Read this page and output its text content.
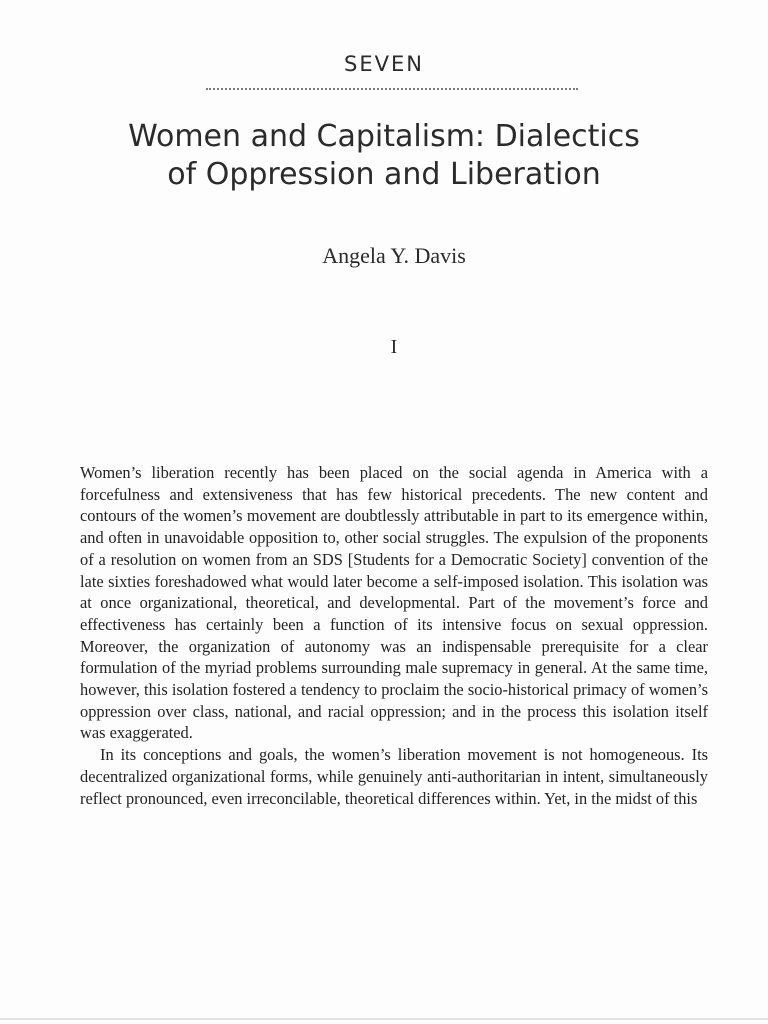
SEVEN
Women and Capitalism: Dialectics
of Oppression and Liberation
Angela Y. Davis
I

Women’s liberation recently has been placed on the social agenda in America with a forcefulness and extensiveness that has few historical precedents. The new content and contours of the women’s movement are doubtlessly attributable in part to its emergence within, and often in unavoidable opposition to, other social struggles. The expulsion of the proponents of a resolution on women from an SDS [Students for a Democratic Society] convention of the late sixties foreshadowed what would later become a self-imposed isolation. This isolation was at once organizational, theoretical, and developmental. Part of the movement’s force and effectiveness has certainly been a function of its intensive focus on sexual oppression. Moreover, the organization of autonomy was an indispensable prerequisite for a clear formulation of the myriad problems surrounding male supremacy in general. At the same time, however, this isolation fostered a tendency to proclaim the socio-historical primacy of women’s oppression over class, national, and racial oppression; and in the process this isolation itself was exaggerated.

In its conceptions and goals, the women’s liberation movement is not homogeneous. Its decentralized organizational forms, while genuinely anti-authoritarian in intent, simultaneously reflect pronounced, even irreconcilable, theoretical differences within. Yet, in the midst of this
